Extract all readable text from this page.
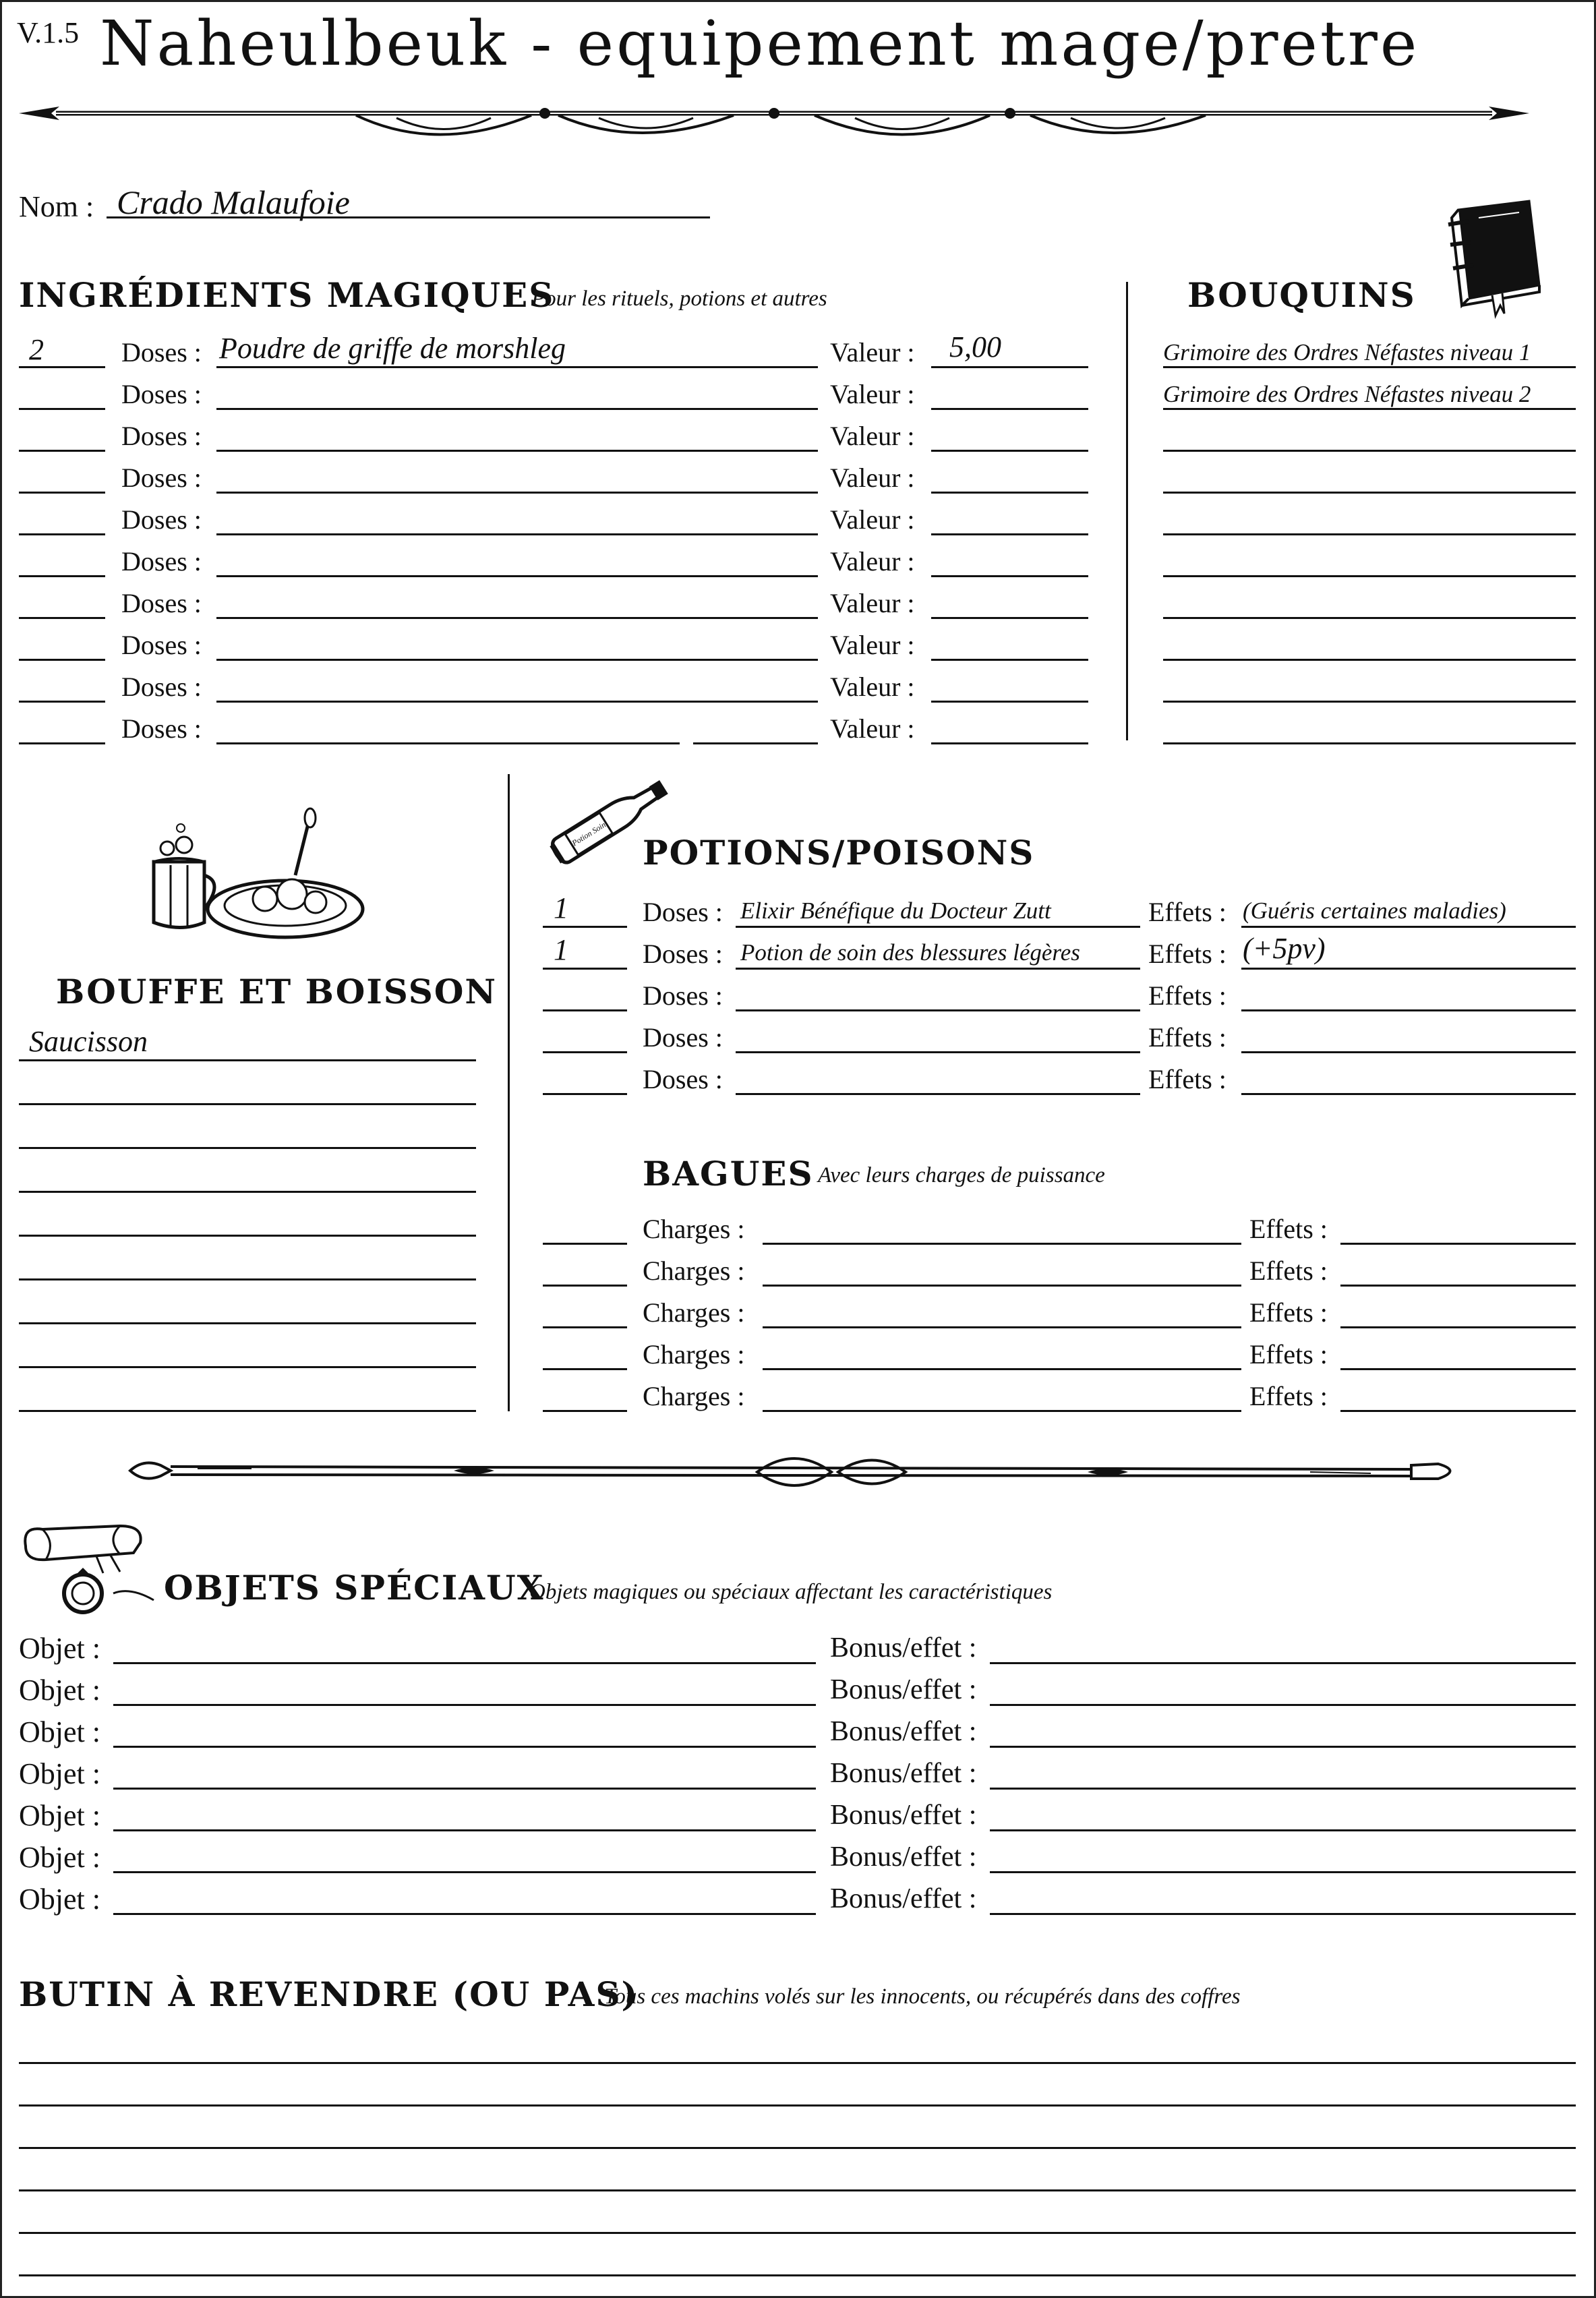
V.1.5 Naheulbeuk - equipement mage/pretre
Nom : Crado Malaufoie
INGRÉDIENTS MAGIQUES
Pour les rituels, potions et autres
2	Doses : Poudre de griffe de morshleg	Valeur : 5,00
Doses :	Valeur :
Doses :	Valeur :
Doses :	Valeur :
Doses :	Valeur :
Doses :	Valeur :
Doses :	Valeur :
Doses :	Valeur :
Doses :	Valeur :
Doses :	Valeur :
BOUQUINS
Grimoire des Ordres Néfastes niveau 1
Grimoire des Ordres Néfastes niveau 2
BOUFFE ET BOISSON
Saucisson
Potion Soin POTIONS/POISONS
1	Doses : Elixir Bénéfique du Docteur Zutt	Effets : (Guéris certaines maladies)
1	Doses : Potion de soin des blessures légères	Effets : (+5pv)
Doses :	Effets :
Doses :	Effets :
Doses :	Effets :
BAGUES Avec leurs charges de puissance
Charges :	Effets :
Charges :	Effets :
Charges :	Effets :
Charges :	Effets :
Charges :	Effets :
OBJETS SPÉCIAUX
Objets magiques ou spéciaux affectant les caractéristiques
Objet :	Bonus/effet :
Objet :	Bonus/effet :
Objet :	Bonus/effet :
Objet :	Bonus/effet :
Objet :	Bonus/effet :
Objet :	Bonus/effet :
Objet :	Bonus/effet :
BUTIN À REVENDRE (OU PAS)
Tous ces machins volés sur les innocents, ou récupérés dans des coffres
